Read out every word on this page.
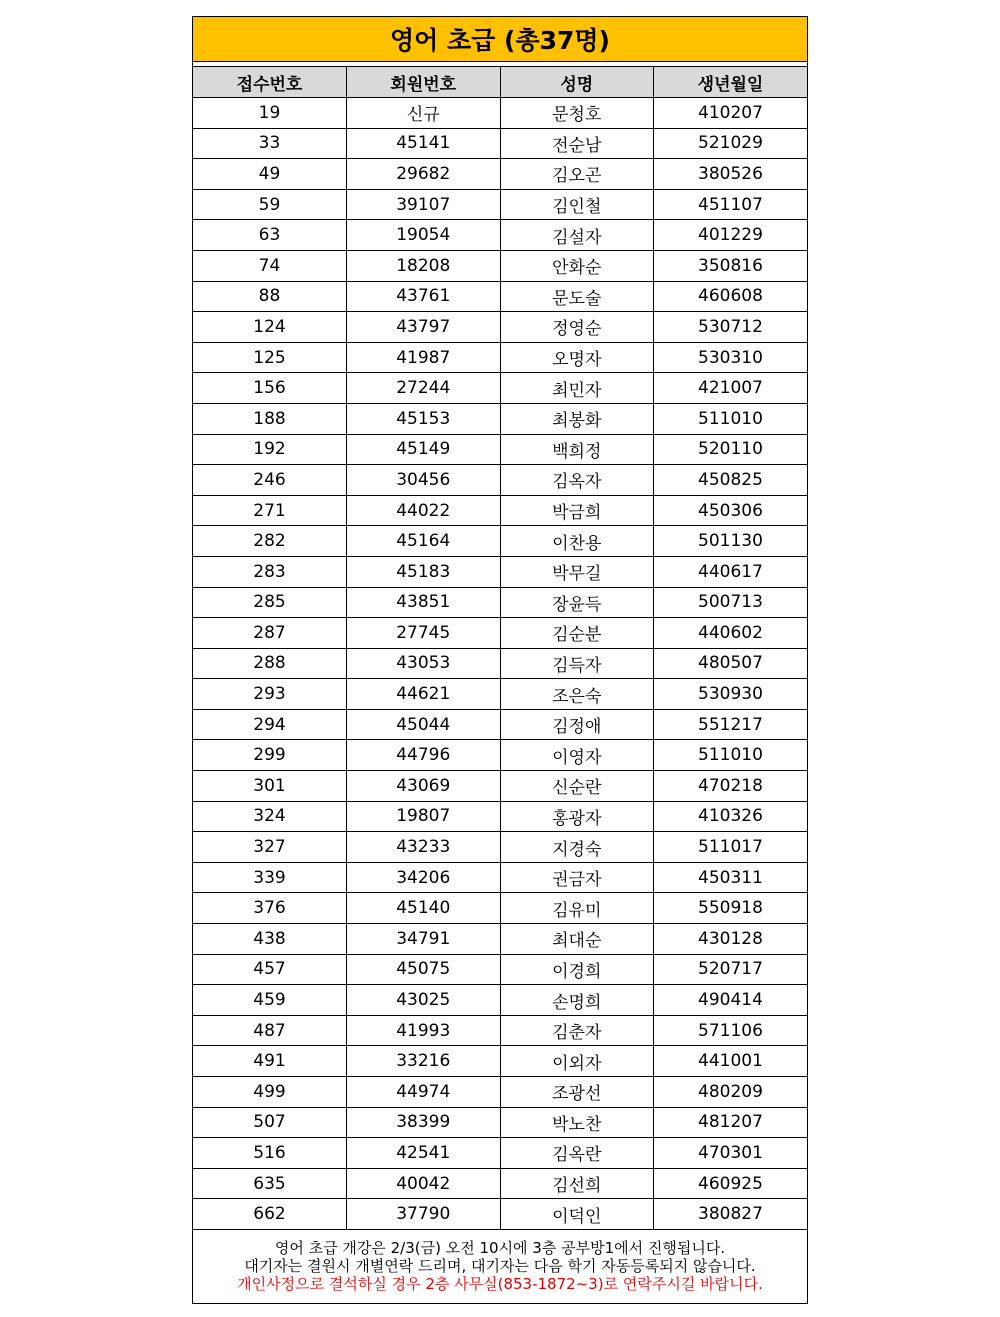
영어 초급 (총37명)
접수번호	회원번호	성명	생년월일
19	신규	문청호	410207
33	45141	전순남	521029
49	29682	김오곤	380526
59	39107	김인철	451107
63	19054	김설자	401229
74	18208	안화순	350816
88	43761	문도술	460608
124	43797	정영순	530712
125	41987	오명자	530310
156	27244	최민자	421007
188	45153	최봉화	511010
192	45149	백희정	520110
246	30456	김옥자	450825
271	44022	박금희	450306
282	45164	이찬용	501130
283	45183	박무길	440617
285	43851	장윤득	500713
287	27745	김순분	440602
288	43053	김득자	480507
293	44621	조은숙	530930
294	45044	김정애	551217
299	44796	이영자	511010
301	43069	신순란	470218
324	19807	홍광자	410326
327	43233	지경숙	511017
339	34206	권금자	450311
376	45140	김유미	550918
438	34791	최대순	430128
457	45075	이경희	520717
459	43025	손명희	490414
487	41993	김춘자	571106
491	33216	이외자	441001
499	44974	조광선	480209
507	38399	박노찬	481207
516	42541	김옥란	470301
635	40042	김선희	460925
662	37790	이덕인	380827
영어 초급 개강은 2/3(금) 오전 10시에 3층 공부방1에서 진행됩니다.
대기자는 결원시 개별연락 드리며, 대기자는 다음 학기 자동등록되지 않습니다.
개인사정으로 결석하실 경우 2층 사무실(853-1872~3)로 연락주시길 바랍니다.
